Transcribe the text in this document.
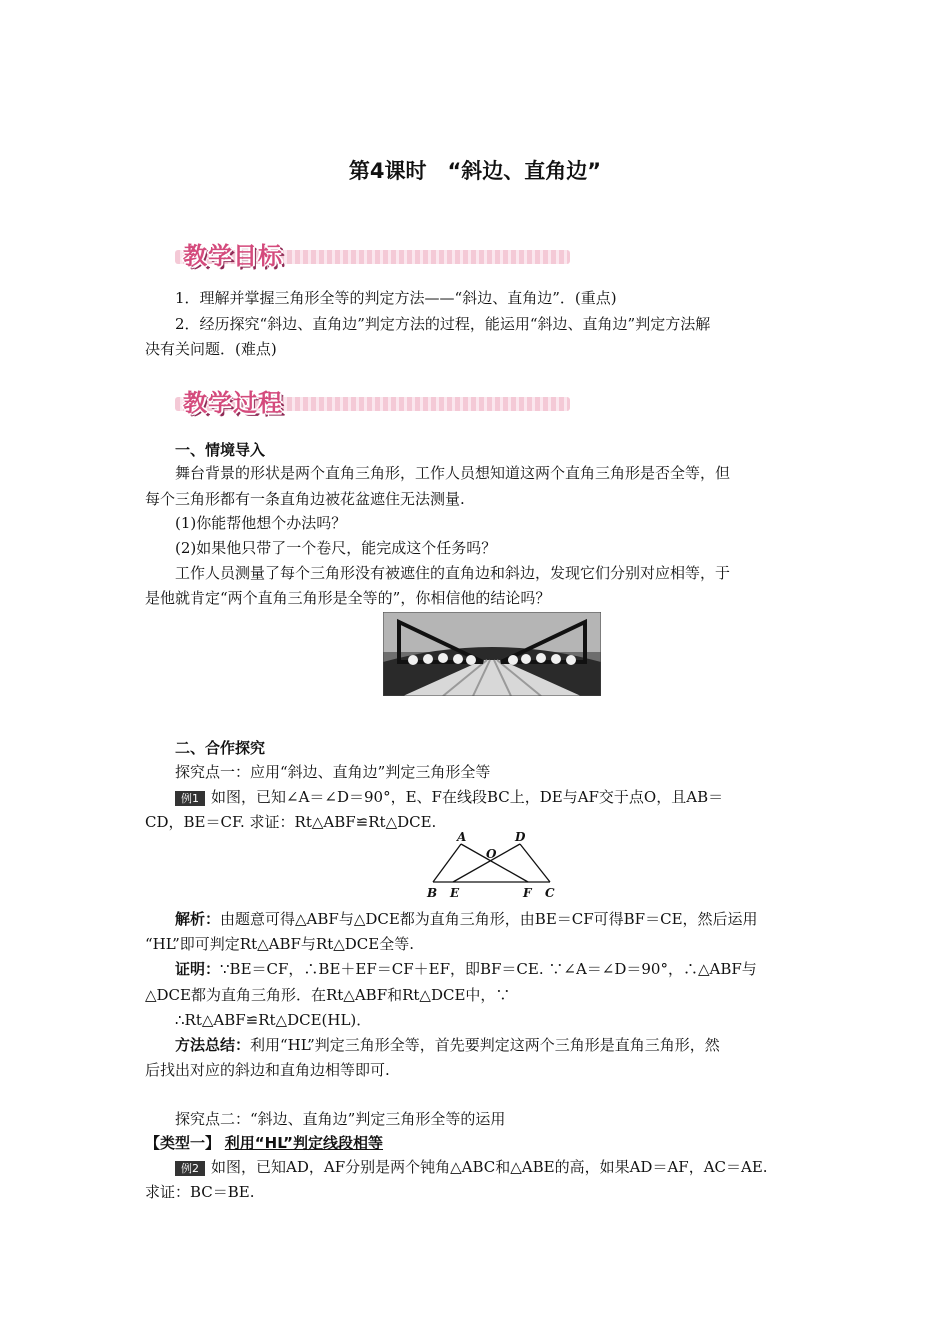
第4课时　“斜边、直角边”
教学目标
1．理解并掌握三角形全等的判定方法——“斜边、直角边”．(重点)
2．经历探究“斜边、直角边”判定方法的过程，能运用“斜边、直角边”判定方法解
决有关问题．(难点)
教学过程
一、情境导入
舞台背景的形状是两个直角三角形，工作人员想知道这两个直角三角形是否全等，但
每个三角形都有一条直角边被花盆遮住无法测量.
(1)你能帮他想个办法吗？
(2)如果他只带了一个卷尺，能完成这个任务吗？
工作人员测量了每个三角形没有被遮住的直角边和斜边，发现它们分别对应相等，于
是他就肯定“两个直角三角形是全等的”，你相信他的结论吗？
二、合作探究
探究点一：应用“斜边、直角边”判定三角形全等
例1 如图，已知∠A＝∠D＝90°，E、F在线段BC上，DE与AF交于点O，且AB＝
CD，BE＝CF. 求证：Rt△ABF≌Rt△DCE.
A	D
O
B E	F C
解析：由题意可得△ABF与△DCE都为直角三角形，由BE＝CF可得BF＝CE，然后运用
“HL”即可判定Rt△ABF与Rt△DCE全等.
证明：∵BE＝CF，∴BE＋EF＝CF＋EF，即BF＝CE. ∵∠A＝∠D＝90°，∴△ABF与
△DCE都为直角三角形．在Rt△ABF和Rt△DCE中，∵
∴Rt△ABF≌Rt△DCE(HL)．
方法总结：利用“HL”判定三角形全等，首先要判定这两个三角形是直角三角形，然
后找出对应的斜边和直角边相等即可.
探究点二：“斜边、直角边”判定三角形全等的运用
【类型一】 利用“HL”判定线段相等
例2 如图，已知AD，AF分别是两个钝角△ABC和△ABE的高，如果AD＝AF，AC＝AE.
求证：BC＝BE.
